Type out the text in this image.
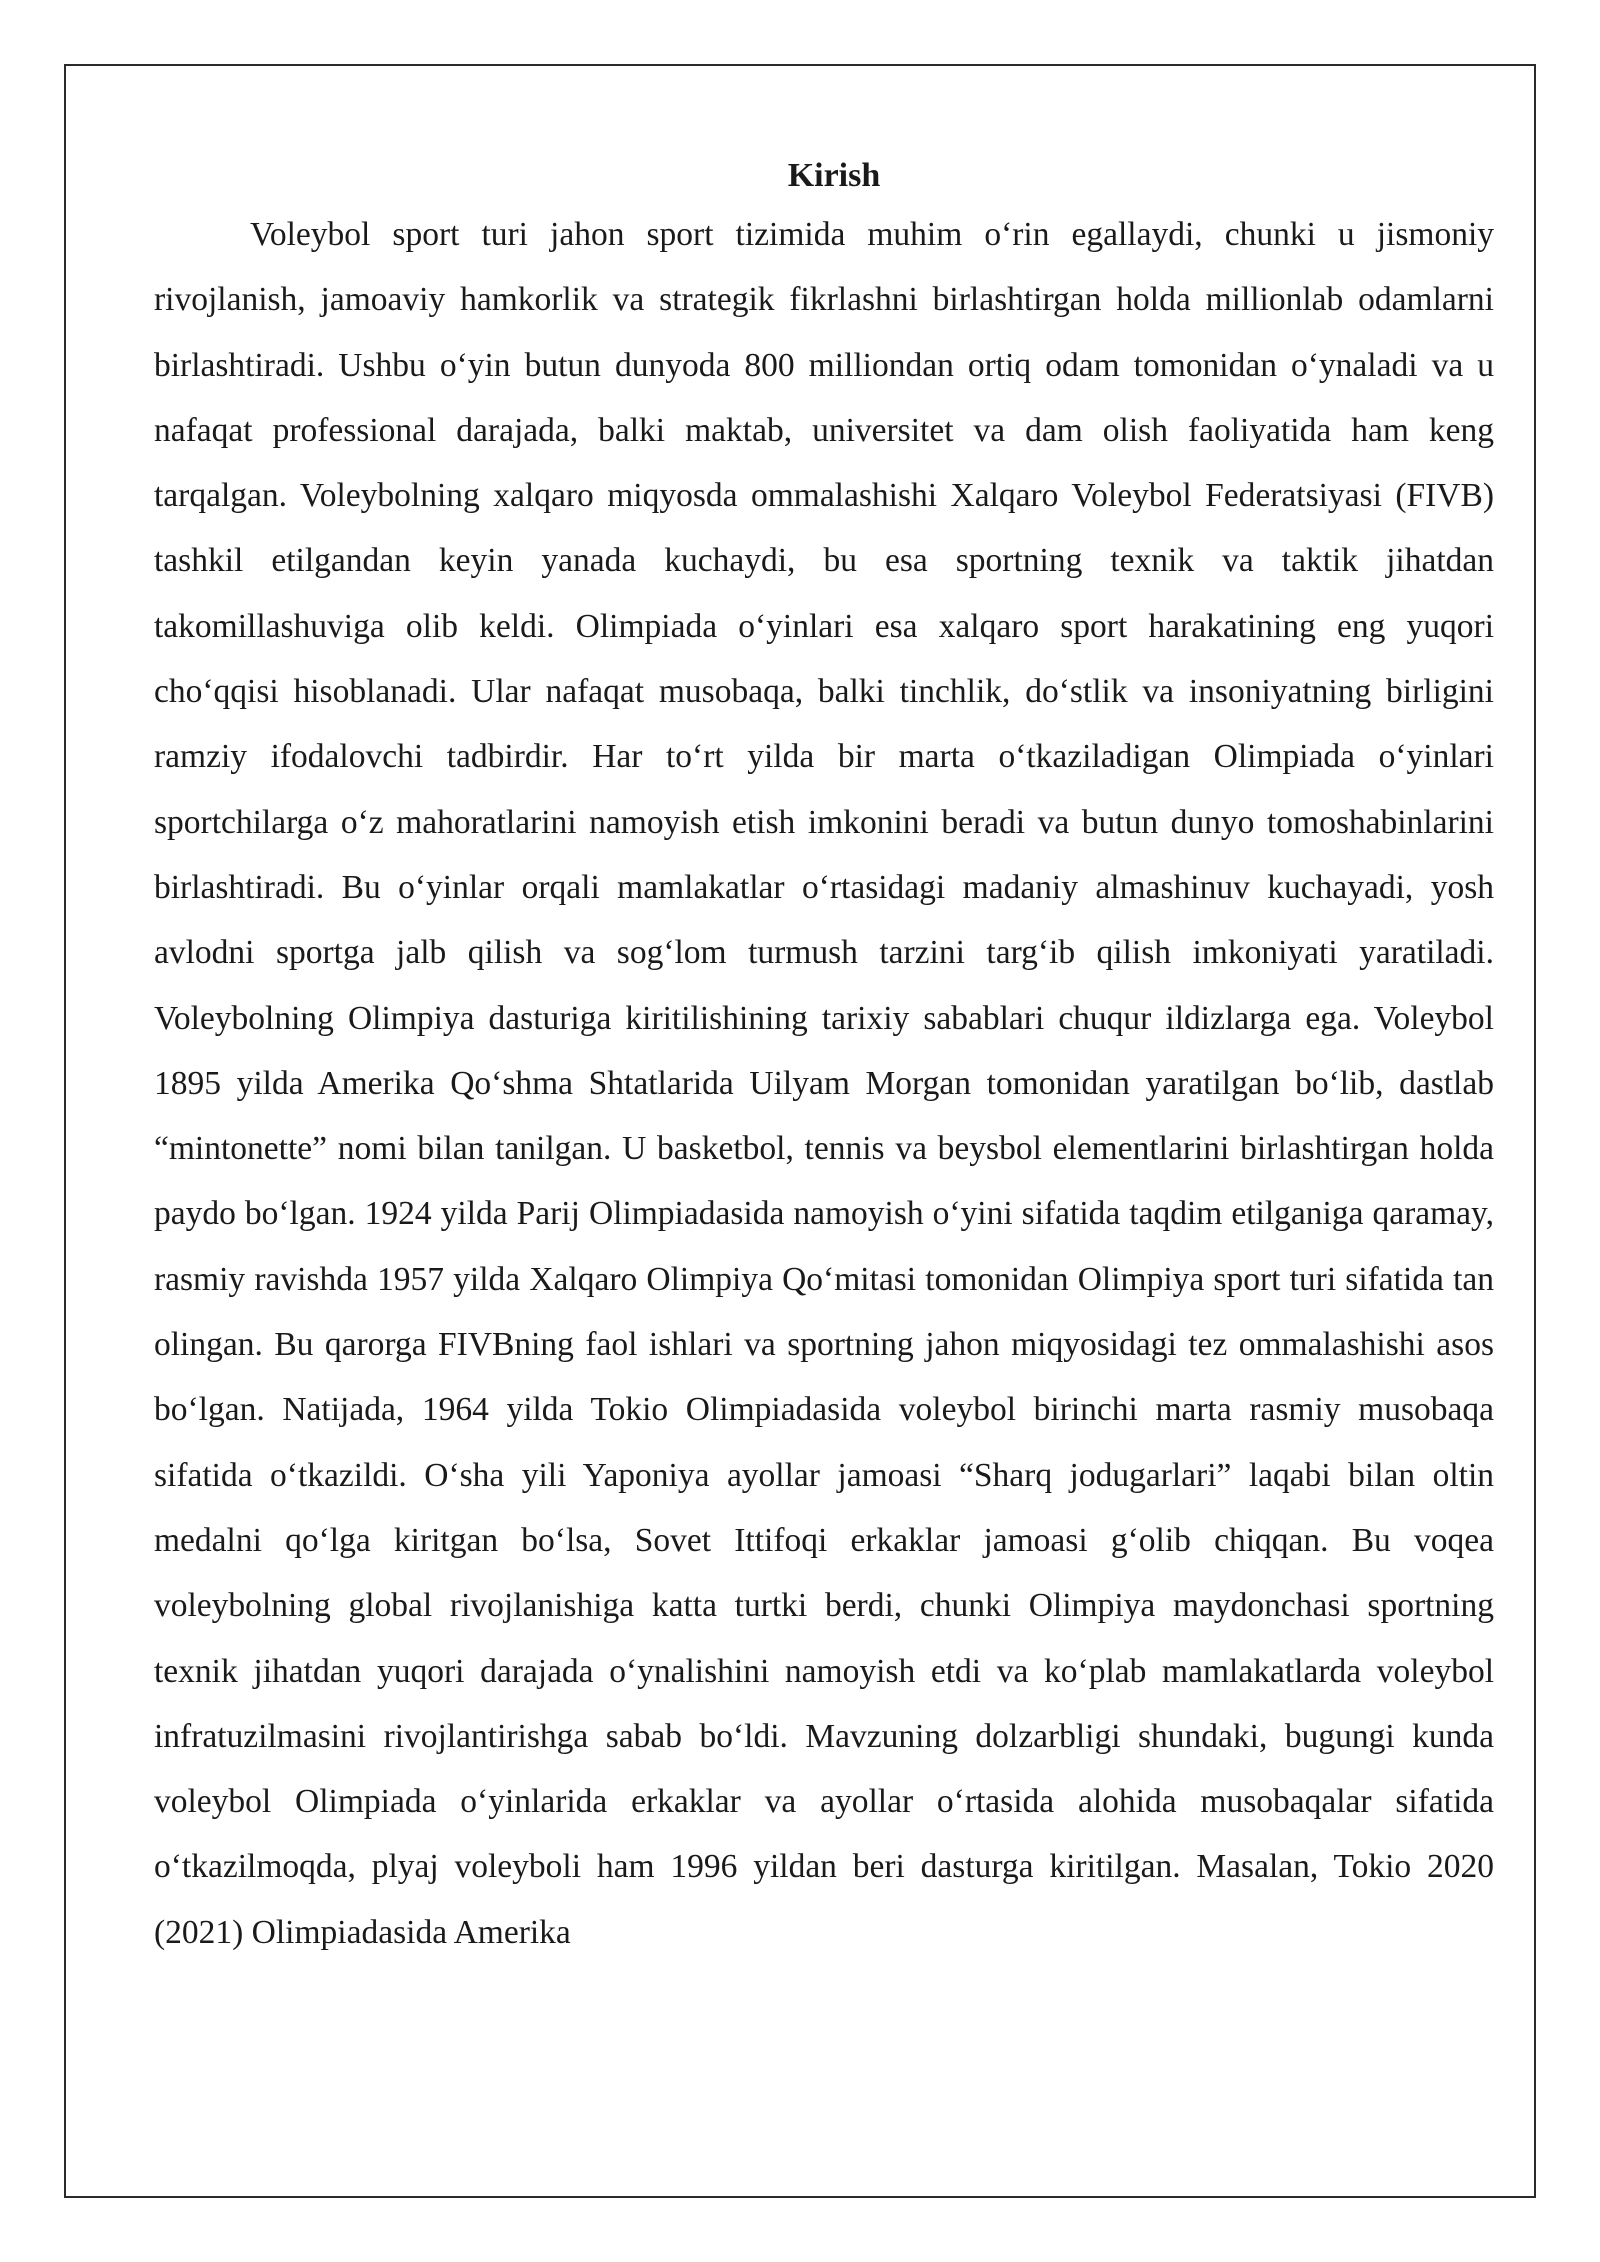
Kirish

Voleybol sport turi jahon sport tizimida muhim o‘rin egallaydi, chunki u jismoniy rivojlanish, jamoaviy hamkorlik va strategik fikrlashni birlashtirgan holda millionlab odamlarni birlashtiradi. Ushbu o‘yin butun dunyoda 800 milliondan ortiq odam tomonidan o‘ynaladi va u nafaqat professional darajada, balki maktab, universitet va dam olish faoliyatida ham keng tarqalgan. Voleybolning xalqaro miqyosda ommalashishi Xalqaro Voleybol Federatsiyasi (FIVB) tashkil etilgandan keyin yanada kuchaydi, bu esa sportning texnik va taktik jihatdan takomillashuviga olib keldi. Olimpiada o‘yinlari esa xalqaro sport harakatining eng yuqori cho‘qqisi hisoblanadi. Ular nafaqat musobaqa, balki tinchlik, do‘stlik va insoniyatning birligini ramziy ifodalovchi tadbirdir. Har to‘rt yilda bir marta o‘tkaziladigan Olimpiada o‘yinlari sportchilarga o‘z mahoratlarini namoyish etish imkonini beradi va butun dunyo tomoshabinlarini birlashtiradi. Bu o‘yinlar orqali mamlakatlar o‘rtasidagi madaniy almashinuv kuchayadi, yosh avlodni sportga jalb qilish va sog‘lom turmush tarzini targ‘ib qilish imkoniyati yaratiladi. Voleybolning Olimpiya dasturiga kiritilishining tarixiy sabablari chuqur ildizlarga ega. Voleybol 1895 yilda Amerika Qo‘shma Shtatlarida Uilyam Morgan tomonidan yaratilgan bo‘lib, dastlab “mintonette” nomi bilan tanilgan. U basketbol, tennis va beysbol elementlarini birlashtirgan holda paydo bo‘lgan. 1924 yilda Parij Olimpiadasida namoyish o‘yini sifatida taqdim etilganiga qaramay, rasmiy ravishda 1957 yilda Xalqaro Olimpiya Qo‘mitasi tomonidan Olimpiya sport turi sifatida tan olingan. Bu qarorga FIVBning faol ishlari va sportning jahon miqyosidagi tez ommalashishi asos bo‘lgan. Natijada, 1964 yilda Tokio Olimpiadasida voleybol birinchi marta rasmiy musobaqa sifatida o‘tkazildi. O‘sha yili Yaponiya ayollar jamoasi “Sharq jodugarlari” laqabi bilan oltin medalni qo‘lga kiritgan bo‘lsa, Sovet Ittifoqi erkaklar jamoasi g‘olib chiqqan. Bu voqea voleybolning global rivojlanishiga katta turtki berdi, chunki Olimpiya maydonchasi sportning texnik jihatdan yuqori darajada o‘ynalishini namoyish etdi va ko‘plab mamlakatlarda voleybol infratuzilmasini rivojlantirishga sabab bo‘ldi. Mavzuning dolzarbligi shundaki, bugungi kunda voleybol Olimpiada o‘yinlarida erkaklar va ayollar o‘rtasida alohida musobaqalar sifatida o‘tkazilmoqda, plyaj voleyboli ham 1996 yildan beri dasturga kiritilgan. Masalan, Tokio 2020 (2021) Olimpiadasida Amerika
